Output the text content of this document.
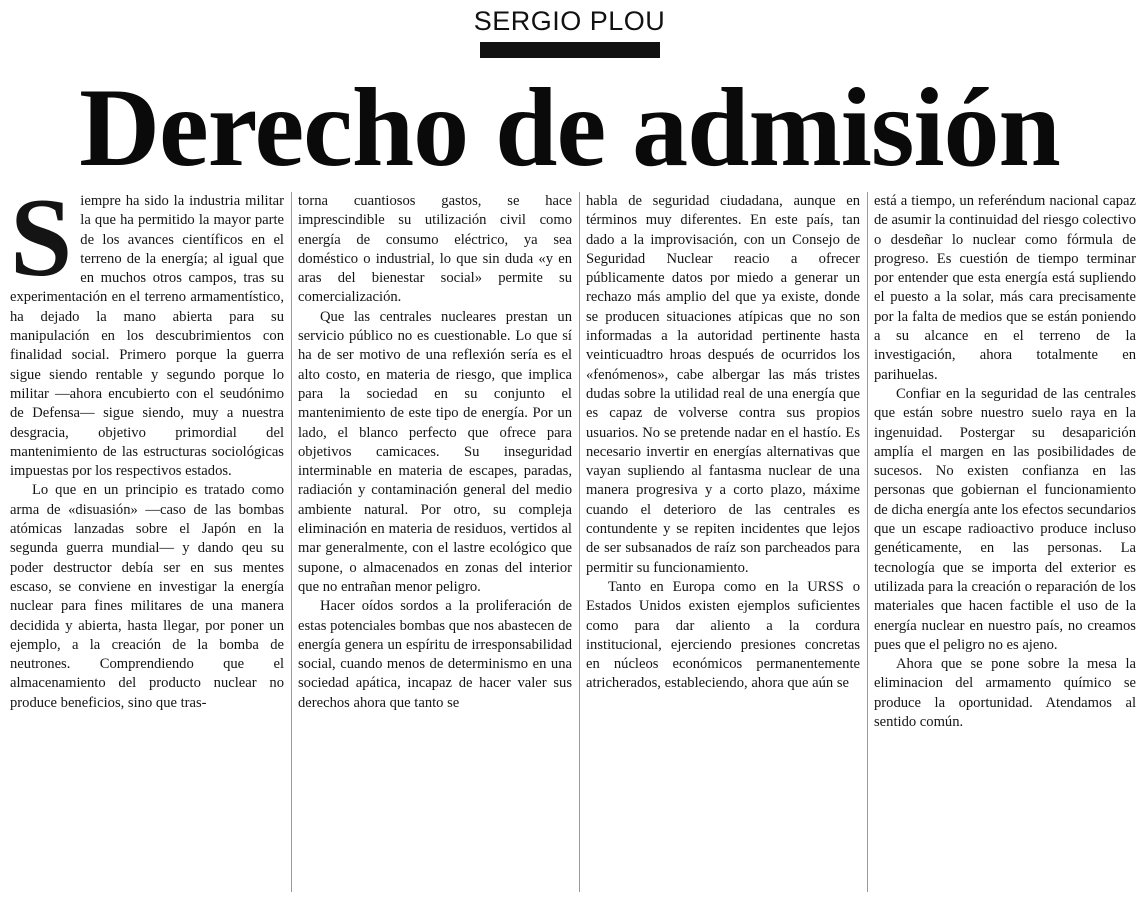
SERGIO PLOU
Derecho de admisión
S iempre ha sido la industria militar la que ha permitido la mayor parte de los avances científicos en el terreno de la energía; al igual que en muchos otros campos, tras su experimentación en el terreno armamentístico, ha dejado la mano abierta para su manipulación en los descubrimientos con finalidad social. Primero porque la guerra sigue siendo rentable y segundo porque lo militar —ahora encubierto con el seudónimo de Defensa— sigue siendo, muy a nuestra desgracia, objetivo primordial del mantenimiento de las estructuras sociológicas impuestas por los respectivos estados.

Lo que en un principio es tratado como arma de «disuasión» —caso de las bombas atómicas lanzadas sobre el Japón en la segunda guerra mundial— y dando qeu su poder destructor debía ser en sus mentes escaso, se conviene en investigar la energía nuclear para fines militares de una manera decidida y abierta, hasta llegar, por poner un ejemplo, a la creación de la bomba de neutrones. Comprendiendo que el almacenamiento del producto nuclear no produce beneficios, sino que tras-

torna cuantiosos gastos, se hace imprescindible su utilización civil como energía de consumo eléctrico, ya sea doméstico o industrial, lo que sin duda «y en aras del bienestar social» permite su comercialización.

Que las centrales nucleares prestan un servicio público no es cuestionable. Lo que sí ha de ser motivo de una reflexión sería es el alto costo, en materia de riesgo, que implica para la sociedad en su conjunto el mantenimiento de este tipo de energía. Por un lado, el blanco perfecto que ofrece para objetivos camicaces. Su inseguridad interminable en materia de escapes, paradas, radiación y contaminación general del medio ambiente natural. Por otro, su compleja eliminación en materia de residuos, vertidos al mar generalmente, con el lastre ecológico que supone, o almacenados en zonas del interior que no entrañan menor peligro.

Hacer oídos sordos a la proliferación de estas potenciales bombas que nos abastecen de energía genera un espíritu de irresponsabilidad social, cuando menos de determinismo en una sociedad apática, incapaz de hacer valer sus derechos ahora que tanto se

habla de seguridad ciudadana, aunque en términos muy diferentes. En este país, tan dado a la improvisación, con un Consejo de Seguridad Nuclear reacio a ofrecer públicamente datos por miedo a generar un rechazo más amplio del que ya existe, donde se producen situaciones atípicas que no son informadas a la autoridad pertinente hasta veinticuadtro hroas después de ocurridos los «fenómenos», cabe albergar las más tristes dudas sobre la utilidad real de una energía que es capaz de volverse contra sus propios usuarios. No se pretende nadar en el hastío. Es necesario invertir en energías alternativas que vayan supliendo al fantasma nuclear de una manera progresiva y a corto plazo, máxime cuando el deterioro de las centrales es contundente y se repiten incidentes que lejos de ser subsanados de raíz son parcheados para permitir su funcionamiento.

Tanto en Europa como en la URSS o Estados Unidos existen ejemplos suficientes como para dar aliento a la cordura institucional, ejerciendo presiones concretas en núcleos económicos permanentemente atricherados, estableciendo, ahora que aún se

está a tiempo, un referéndum nacional capaz de asumir la continuidad del riesgo colectivo o desdeñar lo nuclear como fórmula de progreso. Es cuestión de tiempo terminar por entender que esta energía está supliendo el puesto a la solar, más cara precisamente por la falta de medios que se están poniendo a su alcance en el terreno de la investigación, ahora totalmente en parihuelas.

Confiar en la seguridad de las centrales que están sobre nuestro suelo raya en la ingenuidad. Postergar su desaparición amplía el margen en las posibilidades de sucesos. No existen confianza en las personas que gobiernan el funcionamiento de dicha energía ante los efectos secundarios que un escape radioactivo produce incluso genéticamente, en las personas. La tecnología que se importa del exterior es utilizada para la creación o reparación de los materiales que hacen factible el uso de la energía nuclear en nuestro país, no creamos pues que el peligro no es ajeno.

Ahora que se pone sobre la mesa la eliminacion del armamento químico se produce la oportunidad. Atendamos al sentido común.
